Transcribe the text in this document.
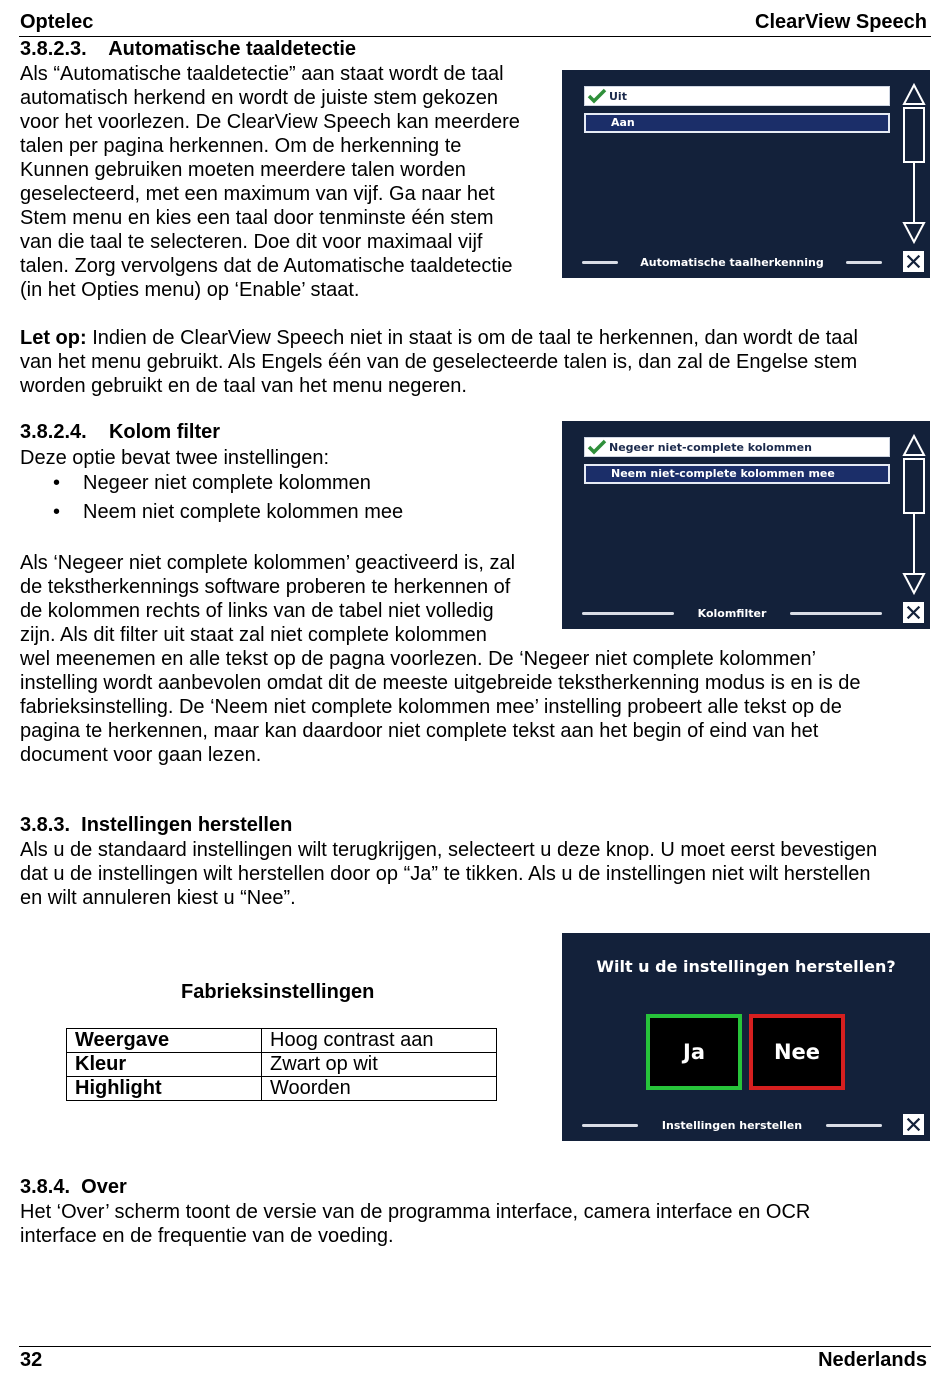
Optelec	ClearView Speech
3.8.2.3.    Automatische taaldetectie
Als “Automatische taaldetectie” aan staat wordt de taal
automatisch herkend en wordt de juiste stem gekozen
voor het voorlezen. De ClearView Speech kan meerdere
talen per pagina herkennen. Om de herkenning te
Kunnen gebruiken moeten meerdere talen worden
geselecteerd, met een maximum van vijf. Ga naar het
Stem menu en kies een taal door tenminste één stem
van die taal te selecteren. Doe dit voor maximaal vijf
talen. Zorg vervolgens dat de Automatische taaldetectie
(in het Opties menu) op ‘Enable’ staat.
Uit
Aan
Automatische taalherkenning
Let op: Indien de ClearView Speech niet in staat is om de taal te herkennen, dan wordt de taal
van het menu gebruikt. Als Engels één van de geselecteerde talen is, dan zal de Engelse stem
worden gebruikt en de taal van het menu negeren.
3.8.2.4.    Kolom filter
Deze optie bevat twee instellingen:
• Negeer niet complete kolommen
• Neem niet complete kolommen mee
Als ‘Negeer niet complete kolommen’ geactiveerd is, zal
de tekstherkennings software proberen te herkennen of
de kolommen rechts of links van de tabel niet volledig
zijn. Als dit filter uit staat zal niet complete kolommen
wel meenemen en alle tekst op de pagna voorlezen. De ‘Negeer niet complete kolommen’
instelling wordt aanbevolen omdat dit de meeste uitgebreide tekstherkenning modus is en is de
fabrieksinstelling. De ‘Neem niet complete kolommen mee’ instelling probeert alle tekst op de
pagina te herkennen, maar kan daardoor niet complete tekst aan het begin of eind van het
document voor gaan lezen.
Negeer niet-complete kolommen
Neem niet-complete kolommen mee
Kolomfilter
3.8.3.  Instellingen herstellen
Als u de standaard instellingen wilt terugkrijgen, selecteert u deze knop. U moet eerst bevestigen
dat u de instellingen wilt herstellen door op “Ja” te tikken. Als u de instellingen niet wilt herstellen
en wilt annuleren kiest u “Nee”.
Fabrieksinstellingen
Weergave	Hoog contrast aan
Kleur	Zwart op wit
Highlight	Woorden
Wilt u de instellingen herstellen?
Ja	Nee
Instellingen herstellen
3.8.4.  Over
Het ‘Over’ scherm toont de versie van de programma interface, camera interface en OCR
interface en de frequentie van de voeding.
32	Nederlands
